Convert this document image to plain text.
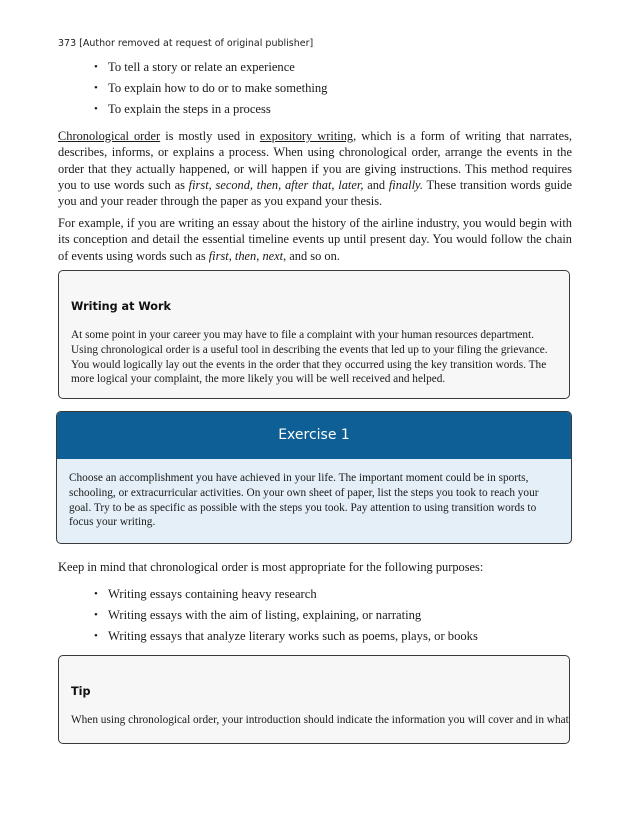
373 [Author removed at request of original publisher]
• To tell a story or relate an experience
• To explain how to do or to make something
• To explain the steps in a process

Chronological order is mostly used in expository writing, which is a form of writing that narrates, describes, informs, or explains a process. When using chronological order, arrange the events in the order that they actually happened, or will happen if you are giving instructions. This method requires you to use words such as first, second, then, after that, later, and finally. These transition words guide you and your reader through the paper as you expand your thesis.

For example, if you are writing an essay about the history of the airline industry, you would begin with its conception and detail the essential timeline events up until present day. You would follow the chain of events using words such as first, then, next, and so on.

Writing at Work

At some point in your career you may have to file a complaint with your human resources department. Using chronological order is a useful tool in describing the events that led up to your filing the grievance. You would logically lay out the events in the order that they occurred using the key transition words. The more logical your complaint, the more likely you will be well received and helped.

Exercise 1

Choose an accomplishment you have achieved in your life. The important moment could be in sports, schooling, or extracurricular activities. On your own sheet of paper, list the steps you took to reach your goal. Try to be as specific as possible with the steps you took. Pay attention to using transition words to focus your writing.

Keep in mind that chronological order is most appropriate for the following purposes:

• Writing essays containing heavy research
• Writing essays with the aim of listing, explaining, or narrating
• Writing essays that analyze literary works such as poems, plays, or books
Tip

When using chronological order, your introduction should indicate the information you will cover and in what
